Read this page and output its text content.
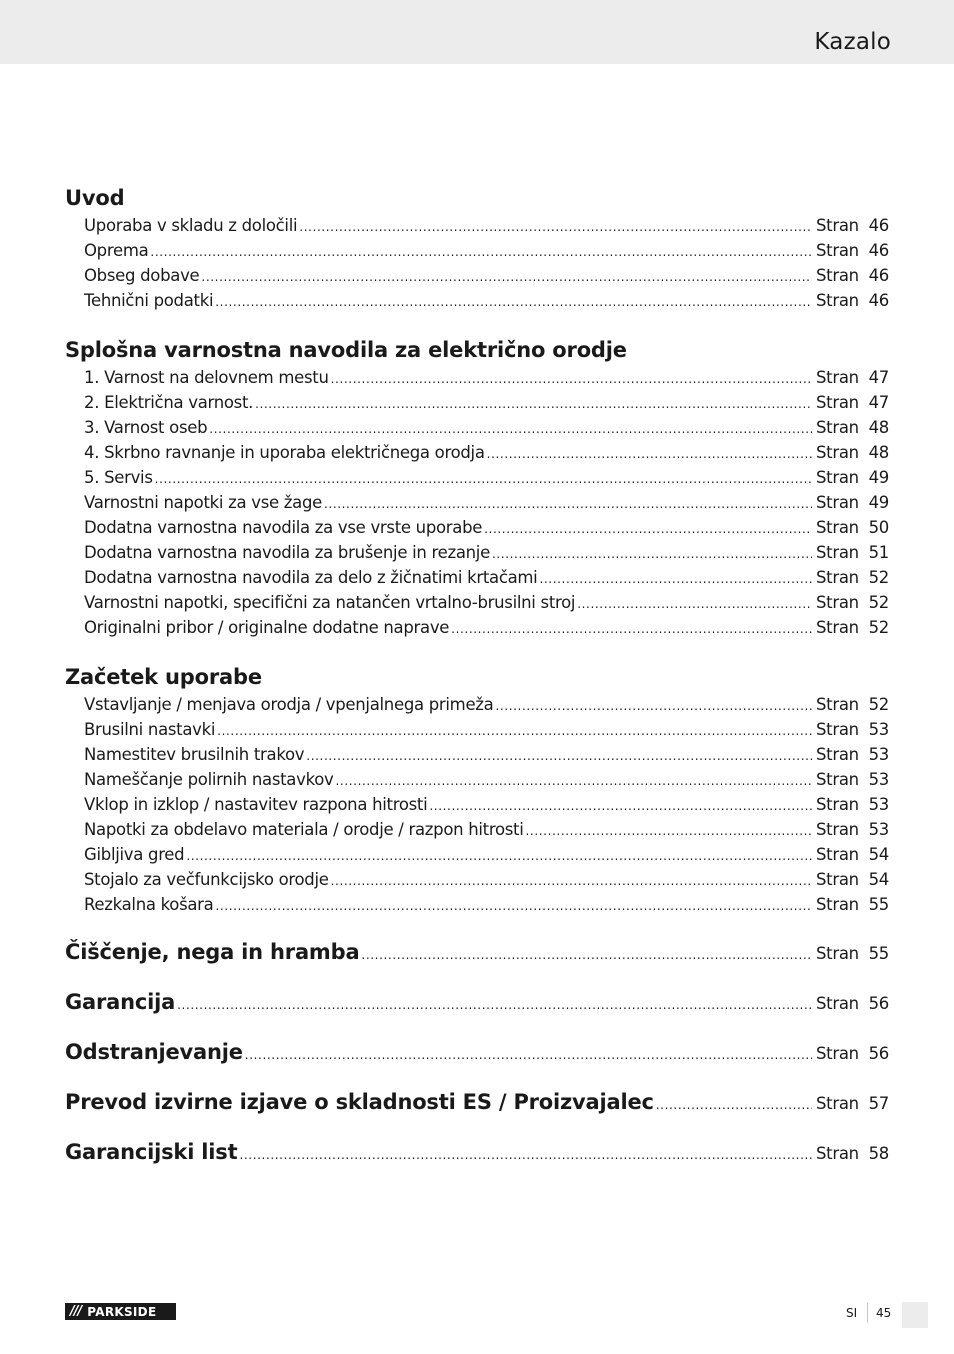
Kazalo
Uvod
Uporaba v skladu z določili .....	Stran 46
Oprema .....	Stran 46
Obseg dobave .....	Stran 46
Tehnični podatki .....	Stran 46
Splošna varnostna navodila za električno orodje
1. Varnost na delovnem mestu .....	Stran 47
2. Električna varnost. .....	Stran 47
3. Varnost oseb .....	Stran 48
4. Skrbno ravnanje in uporaba električnega orodja .....	Stran 48
5. Servis .....	Stran 49
Varnostni napotki za vse žage .....	Stran 49
Dodatna varnostna navodila za vse vrste uporabe .....	Stran 50
Dodatna varnostna navodila za brušenje in rezanje .....	Stran 51
Dodatna varnostna navodila za delo z žičnatimi krtačami .....	Stran 52
Varnostni napotki, specifični za natančen vrtalno-brusilni stroj .....	Stran 52
Originalni pribor / originalne dodatne naprave .....	Stran 52
Začetek uporabe
Vstavljanje / menjava orodja / vpenjalnega primeža .....	Stran 52
Brusilni nastavki .....	Stran 53
Namestitev brusilnih trakov .....	Stran 53
Nameščanje polirnih nastavkov .....	Stran 53
Vklop in izklop / nastavitev razpona hitrosti .....	Stran 53
Napotki za obdelavo materiala / orodje / razpon hitrosti .....	Stran 53
Gibljiva gred .....	Stran 54
Stojalo za večfunkcijsko orodje .....	Stran 54
Rezkalna košara .....	Stran 55
Čiščenje, nega in hramba .....	Stran 55
Garancija .....	Stran 56
Odstranjevanje .....	Stran 56
Prevod izvirne izjave o skladnosti ES / Proizvajalec .....	Stran 57
Garancijski list .....	Stran 58
/// PARKSIDE	SI 45
